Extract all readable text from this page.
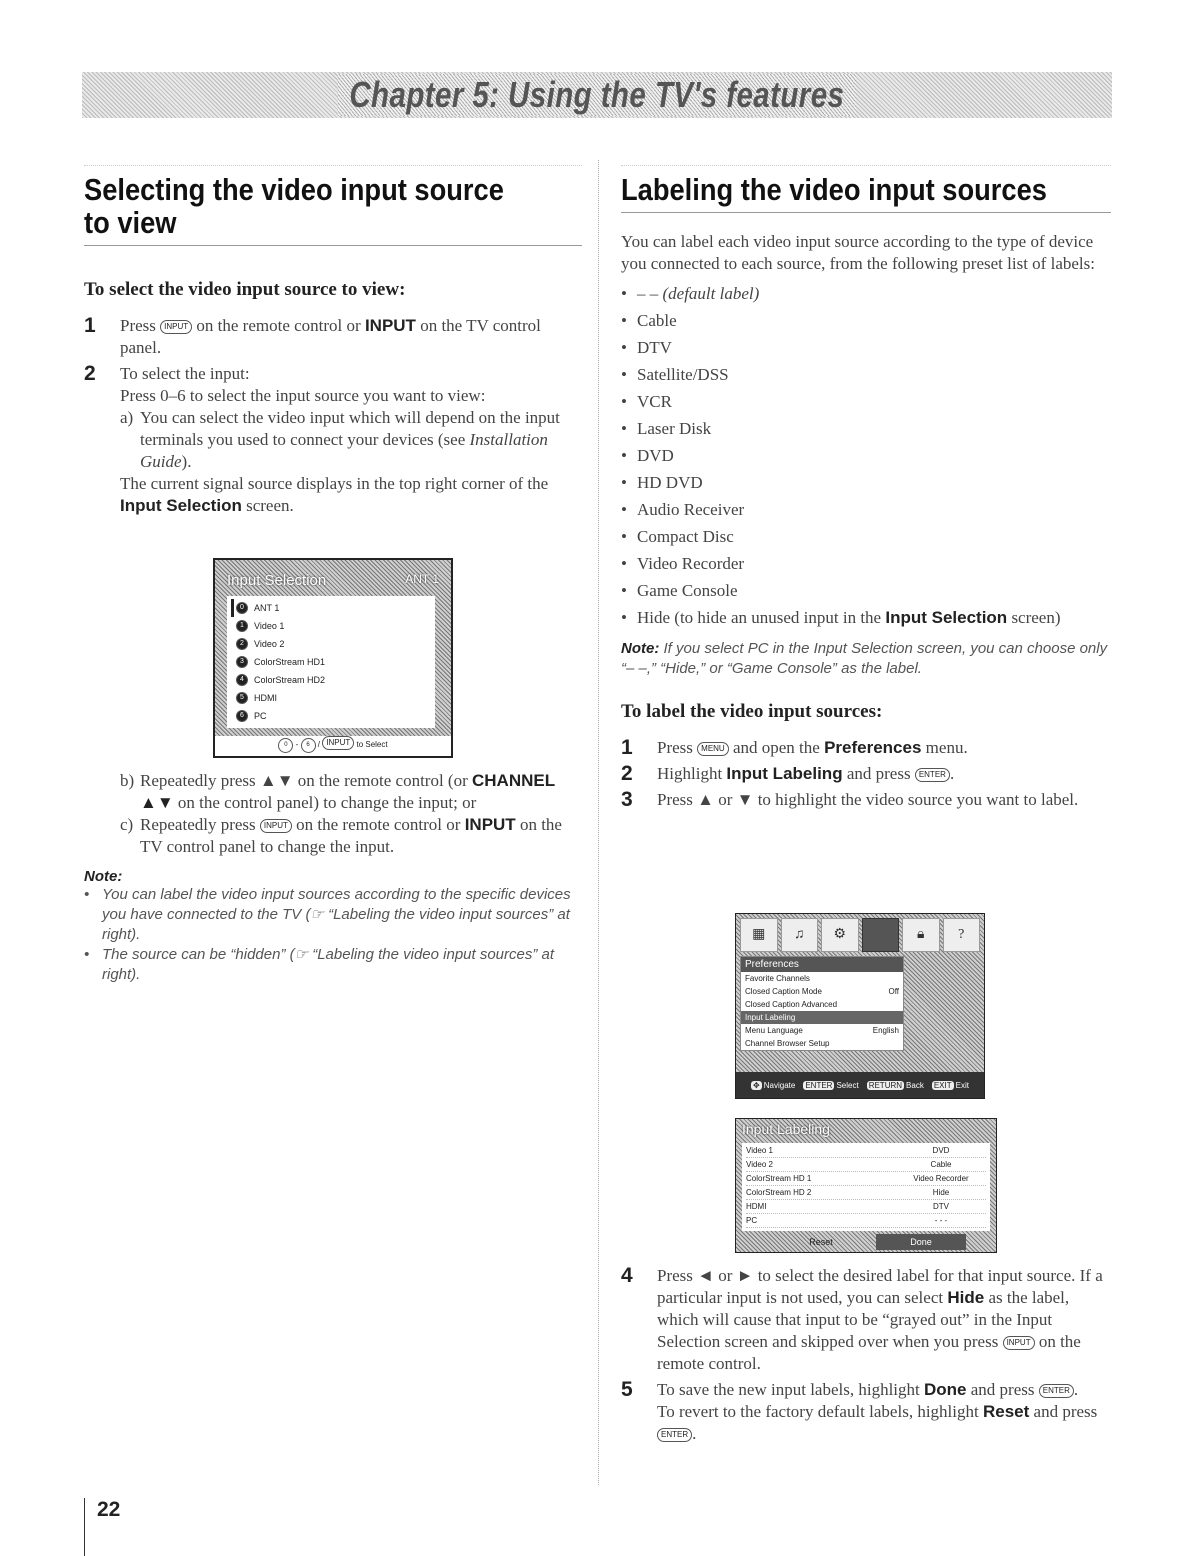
Chapter 5: Using the TV's features
Selecting the video input source
to view
To select the video input source to view:
1	Press INPUT on the remote control or INPUT on the TV control panel.
2	To select the input:
Press 0–6 to select the input source you want to view:
a) You can select the video input which will depend on the input terminals you used to connect your devices (see Installation Guide).
The current signal source displays in the top right corner of the Input Selection screen.
Input Selection	ANT 1
0	ANT 1
1	Video 1
2	Video 2
3	ColorStream HD1
4	ColorStream HD2
5	HDMI
6	PC
0 - 6 / INPUT to Select
b) Repeatedly press ▲▼ on the remote control (or CHANNEL ▲▼ on the control panel) to change the input; or
c) Repeatedly press INPUT on the remote control or INPUT on the TV control panel to change the input.
Note:
• You can label the video input sources according to the specific devices you have connected to the TV (☞ “Labeling the video input sources” at right).
• The source can be “hidden” (☞ “Labeling the video input sources” at right).
Labeling the video input sources
You can label each video input source according to the type of device you connected to each source, from the following preset list of labels:
• – – (default label)
• Cable
• DTV
• Satellite/DSS
• VCR
• Laser Disk
• DVD
• HD DVD
• Audio Receiver
• Compact Disc
• Video Recorder
• Game Console
• Hide (to hide an unused input in the Input Selection screen)
Note: If you select PC in the Input Selection screen, you can choose only “– –,” “Hide,” or “Game Console” as the label.
To label the video input sources:
1	Press MENU and open the Preferences menu.
2	Highlight Input Labeling and press ENTER .
3	Press ▲ or ▼ to highlight the video source you want to label.
▦	♫	⚙	🔒︎	?
Preferences
Favorite Channels
Closed Caption Mode	Off
Closed Caption Advanced
Input Labeling
Menu Language	English
Channel Browser Setup
✥ Navigate ENTER Select RETURN Back EXIT Exit
Input Labeling
Video 1	DVD
Video 2	Cable
ColorStream HD 1	Video Recorder
ColorStream HD 2	Hide
HDMI	DTV
PC	- - -
Reset	Done
4	Press ◄ or ► to select the desired label for that input source. If a particular input is not used, you can select Hide as the label, which will cause that input to be “grayed out” in the Input Selection screen and skipped over when you press INPUT on the remote control.
5	To save the new input labels, highlight Done and press ENTER .
To revert to the factory default labels, highlight Reset and press ENTER .
22
